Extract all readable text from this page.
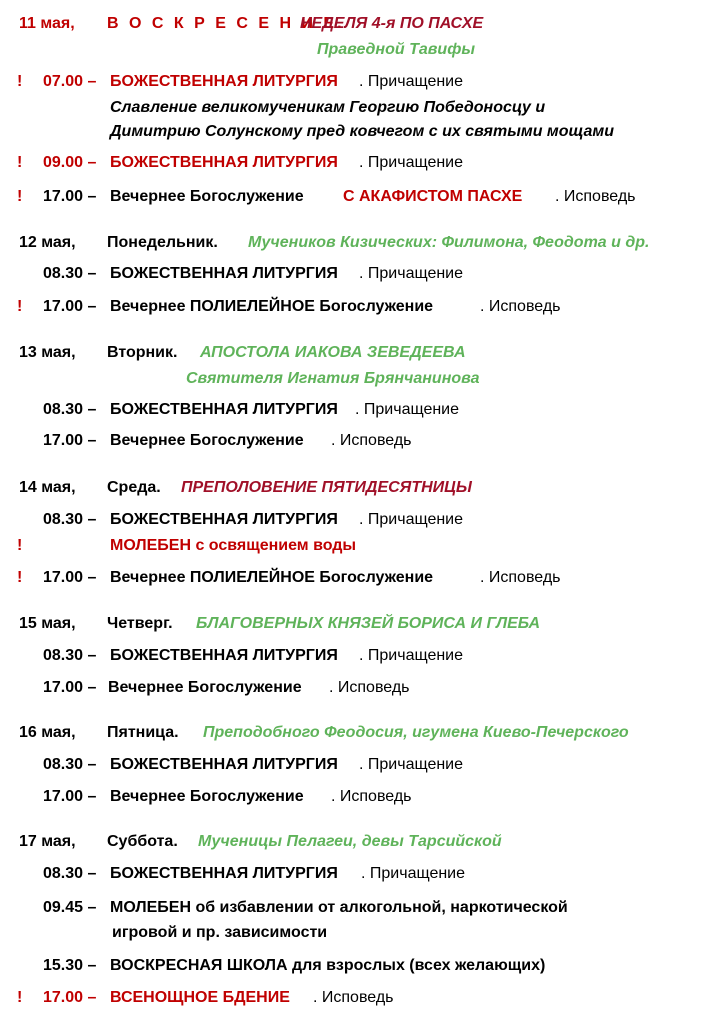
11 мая, В О С К Р Е С Е Н И Е.
НЕДЕЛЯ 4-я ПО ПАСХЕ
Праведной Тавифы
! 07.00 – БОЖЕСТВЕННАЯ ЛИТУРГИЯ . Причащение
Славление великомученикам Георгию Победоносцу и
Димитрию Солунскому пред ковчегом с их святыми мощами
! 09.00 – БОЖЕСТВЕННАЯ ЛИТУРГИЯ . Причащение
! 17.00 – Вечернее Богослужение С АКАФИСТОМ ПАСХЕ . Исповедь
12 мая, Понедельник. Мучеников Кизических: Филимона, Феодота и др.
08.30 – БОЖЕСТВЕННАЯ ЛИТУРГИЯ . Причащение
! 17.00 – Вечернее ПОЛИЕЛЕЙНОЕ Богослужение	. Исповедь
13 мая, Вторник. АПОСТОЛА ИАКОВА ЗЕВЕДЕЕВА
Святителя Игнатия Брянчанинова
08.30 – БОЖЕСТВЕННАЯ ЛИТУРГИЯ . Причащение
17.00 – Вечернее Богослужение . Исповедь
14 мая, Среда. ПРЕПОЛОВЕНИЕ ПЯТИДЕСЯТНИЦЫ
08.30 – БОЖЕСТВЕННАЯ ЛИТУРГИЯ . Причащение
!	МОЛЕБЕН с освящением воды
! 17.00 – Вечернее ПОЛИЕЛЕЙНОЕ Богослужение	. Исповедь
15 мая, Четверг. БЛАГОВЕРНЫХ КНЯЗЕЙ БОРИСА И ГЛЕБА
08.30 – БОЖЕСТВЕННАЯ ЛИТУРГИЯ . Причащение
17.00 – Вечернее Богослужение . Исповедь
16 мая, Пятница. Преподобного Феодосия, игумена Киево-Печерского
08.30 – БОЖЕСТВЕННАЯ ЛИТУРГИЯ . Причащение
17.00 – Вечернее Богослужение . Исповедь
17 мая, Суббота. Мученицы Пелагеи, девы Тарсийской
08.30 – БОЖЕСТВЕННАЯ ЛИТУРГИЯ . Причащение
09.45 – МОЛЕБЕН об избавлении от алкогольной, наркотической
игровой и пр. зависимости
15.30 – ВОСКРЕСНАЯ ШКОЛА для взрослых (всех желающих)
! 17.00 – ВСЕНОЩНОЕ БДЕНИЕ . Исповедь
